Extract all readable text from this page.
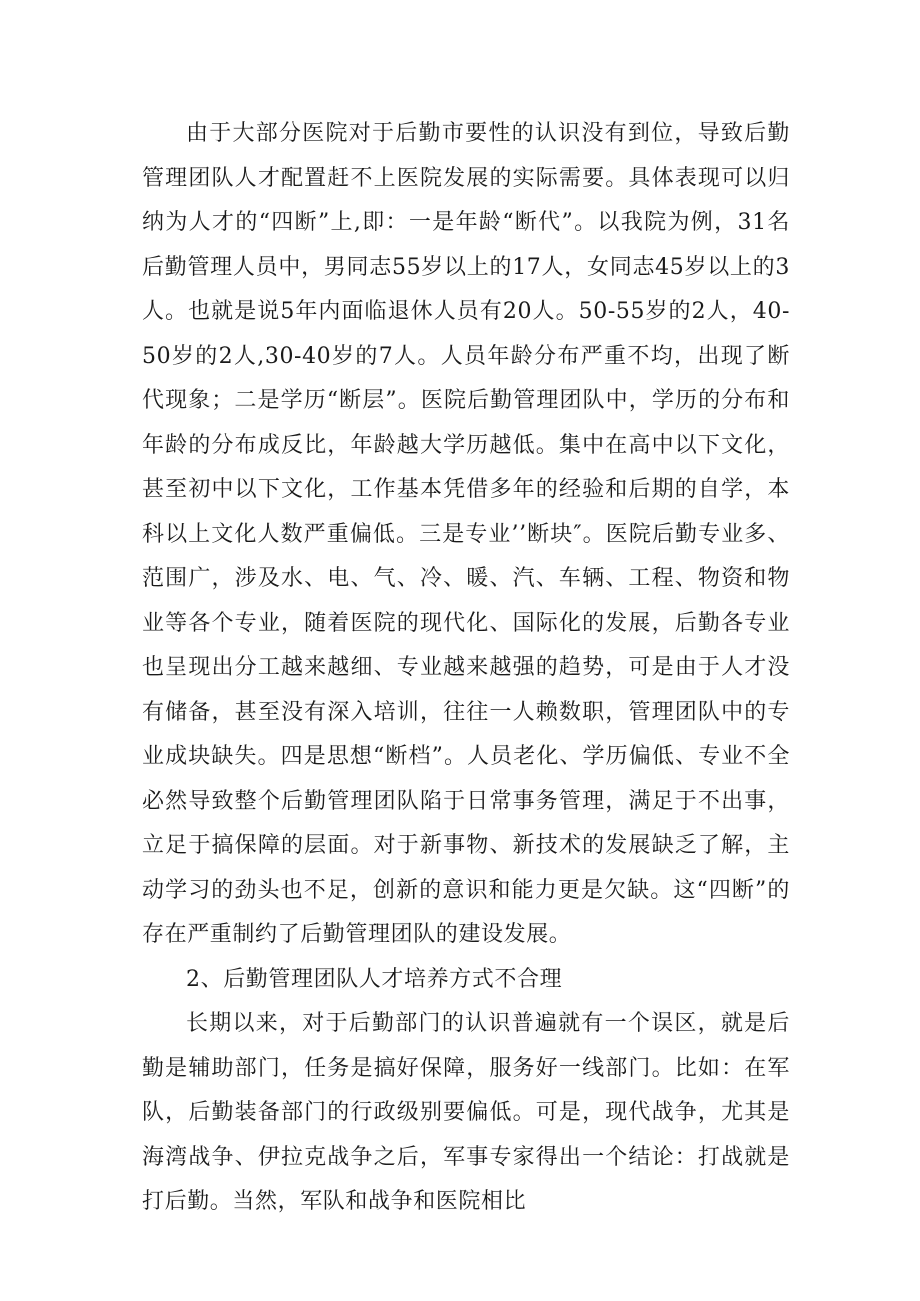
由于大部分医院对于后勤市要性的认识没有到位，导致后勤管理团队人才配置赶不上医院发展的实际需要。具体表现可以归纳为人才的“四断”上,即：一是年龄“断代”。以我院为例，31名后勤管理人员中，男同志55岁以上的17人，女同志45岁以上的3人。也就是说5年内面临退休人员有20人。50-55岁的2人，40-50岁的2人,30-40岁的7人。人员年龄分布严重不均，出现了断代现象；二是学历“断层”。医院后勤管理团队中，学历的分布和年龄的分布成反比，年龄越大学历越低。集中在高中以下文化，甚至初中以下文化，工作基本凭借多年的经验和后期的自学，本科以上文化人数严重偏低。三是专业’’断块″。医院后勤专业多、范围广，涉及水、电、气、冷、暖、汽、车辆、工程、物资和物业等各个专业，随着医院的现代化、国际化的发展，后勤各专业也呈现出分工越来越细、专业越来越强的趋势，可是由于人才没有储备，甚至没有深入培训，往往一人赖数职，管理团队中的专业成块缺失。四是思想“断档”。人员老化、学历偏低、专业不全必然导致整个后勤管理团队陷于日常事务管理，满足于不出事，立足于搞保障的层面。对于新事物、新技术的发展缺乏了解，主动学习的劲头也不足，创新的意识和能力更是欠缺。这“四断”的存在严重制约了后勤管理团队的建设发展。

2、后勤管理团队人才培养方式不合理

长期以来，对于后勤部门的认识普遍就有一个误区，就是后勤是辅助部门，任务是搞好保障，服务好一线部门。比如：在军队，后勤装备部门的行政级别要偏低。可是，现代战争，尤其是海湾战争、伊拉克战争之后，军事专家得出一个结论：打战就是打后勤。当然，军队和战争和医院相比
